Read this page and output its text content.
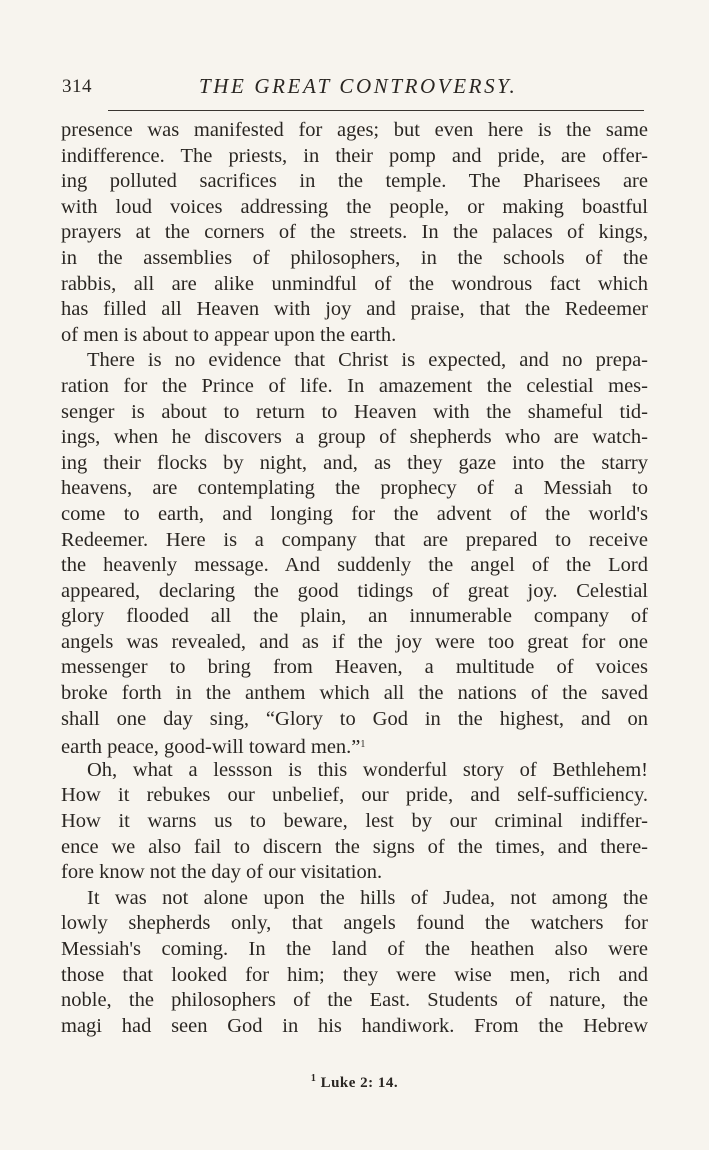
314	THE GREAT CONTROVERSY.
presence was manifested for ages; but even here is the same
indifference. The priests, in their pomp and pride, are offer-
ing polluted sacrifices in the temple. The Pharisees are
with loud voices addressing the people, or making boastful
prayers at the corners of the streets. In the palaces of kings,
in the assemblies of philosophers, in the schools of the
rabbis, all are alike unmindful of the wondrous fact which
has filled all Heaven with joy and praise, that the Redeemer
of men is about to appear upon the earth.
There is no evidence that Christ is expected, and no prepa-
ration for the Prince of life. In amazement the celestial mes-
senger is about to return to Heaven with the shameful tid-
ings, when he discovers a group of shepherds who are watch-
ing their flocks by night, and, as they gaze into the starry
heavens, are contemplating the prophecy of a Messiah to
come to earth, and longing for the advent of the world's
Redeemer. Here is a company that are prepared to receive
the heavenly message. And suddenly the angel of the Lord
appeared, declaring the good tidings of great joy. Celestial
glory flooded all the plain, an innumerable company of
angels was revealed, and as if the joy were too great for one
messenger to bring from Heaven, a multitude of voices
broke forth in the anthem which all the nations of the saved
shall one day sing, “Glory to God in the highest, and on
earth peace, good-will toward men.”$^1$
Oh, what a lessson is this wonderful story of Bethlehem!
How it rebukes our unbelief, our pride, and self-sufficiency.
How it warns us to beware, lest by our criminal indiffer-
ence we also fail to discern the signs of the times, and there-
fore know not the day of our visitation.
It was not alone upon the hills of Judea, not among the
lowly shepherds only, that angels found the watchers for
Messiah's coming. In the land of the heathen also were
those that looked for him; they were wise men, rich and
noble, the philosophers of the East. Students of nature, the
magi had seen God in his handiwork. From the Hebrew
$^1$ Luke 2: 14.
